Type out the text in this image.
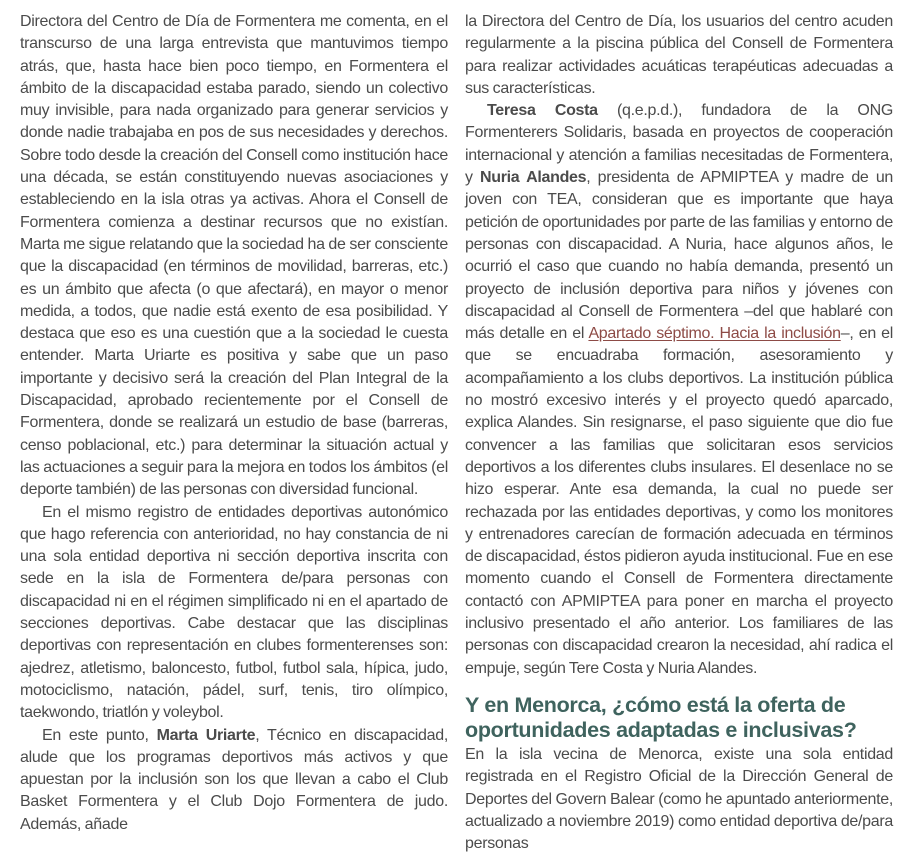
Directora del Centro de Día de Formentera me comenta, en el transcurso de una larga entrevista que mantuvimos tiempo atrás, que, hasta hace bien poco tiempo, en Formentera el ámbito de la discapacidad estaba parado, siendo un colectivo muy invisible, para nada organizado para generar servicios y donde nadie trabajaba en pos de sus necesidades y derechos. Sobre todo desde la creación del Consell como institución hace una década, se están constituyendo nuevas asociaciones y estableciendo en la isla otras ya activas. Ahora el Consell de Formentera comienza a destinar recursos que no existían. Marta me sigue relatando que la sociedad ha de ser consciente que la discapacidad (en términos de movilidad, barreras, etc.) es un ámbito que afecta (o que afectará), en mayor o menor medida, a todos, que nadie está exento de esa posibilidad. Y destaca que eso es una cuestión que a la sociedad le cuesta entender. Marta Uriarte es positiva y sabe que un paso importante y decisivo será la creación del Plan Integral de la Discapacidad, aprobado recientemente por el Consell de Formentera, donde se realizará un estudio de base (barreras, censo poblacional, etc.) para determinar la situación actual y las actuaciones a seguir para la mejora en todos los ámbitos (el deporte también) de las personas con diversidad funcional.

En el mismo registro de entidades deportivas autonómico que hago referencia con anterioridad, no hay constancia de ni una sola entidad deportiva ni sección deportiva inscrita con sede en la isla de Formentera de/para personas con discapacidad ni en el régimen simplificado ni en el apartado de secciones deportivas. Cabe destacar que las disciplinas deportivas con representación en clubes formenterenses son: ajedrez, atletismo, baloncesto, futbol, futbol sala, hípica, judo, motociclismo, natación, pádel, surf, tenis, tiro olímpico, taekwondo, triatlón y voleybol.

En este punto, Marta Uriarte, Técnico en discapacidad, alude que los programas deportivos más activos y que apuestan por la inclusión son los que llevan a cabo el Club Basket Formentera y el Club Dojo Formentera de judo. Además, añade

la Directora del Centro de Día, los usuarios del centro acuden regularmente a la piscina pública del Consell de Formentera para realizar actividades acuáticas terapéuticas adecuadas a sus características.

Teresa Costa (q.e.p.d.), fundadora de la ONG Formenterers Solidaris, basada en proyectos de cooperación internacional y atención a familias necesitadas de Formentera, y Nuria Alandes, presidenta de APMIPTEA y madre de un joven con TEA, consideran que es importante que haya petición de oportunidades por parte de las familias y entorno de personas con discapacidad. A Nuria, hace algunos años, le ocurrió el caso que cuando no había demanda, presentó un proyecto de inclusión deportiva para niños y jóvenes con discapacidad al Consell de Formentera –del que hablaré con más detalle en el Apartado séptimo. Hacia la inclusión–, en el que se encuadraba formación, asesoramiento y acompañamiento a los clubs deportivos. La institución pública no mostró excesivo interés y el proyecto quedó aparcado, explica Alandes. Sin resignarse, el paso siguiente que dio fue convencer a las familias que solicitaran esos servicios deportivos a los diferentes clubs insulares. El desenlace no se hizo esperar. Ante esa demanda, la cual no puede ser rechazada por las entidades deportivas, y como los monitores y entrenadores carecían de formación adecuada en términos de discapacidad, éstos pidieron ayuda institucional. Fue en ese momento cuando el Consell de Formentera directamente contactó con APMIPTEA para poner en marcha el proyecto inclusivo presentado el año anterior. Los familiares de las personas con discapacidad crearon la necesidad, ahí radica el empuje, según Tere Costa y Nuria Alandes.

Y en Menorca, ¿cómo está la oferta de oportunidades adaptadas e inclusivas?

En la isla vecina de Menorca, existe una sola entidad registrada en el Registro Oficial de la Dirección General de Deportes del Govern Balear (como he apuntado anteriormente, actualizado a noviembre 2019) como entidad deportiva de/para personas
